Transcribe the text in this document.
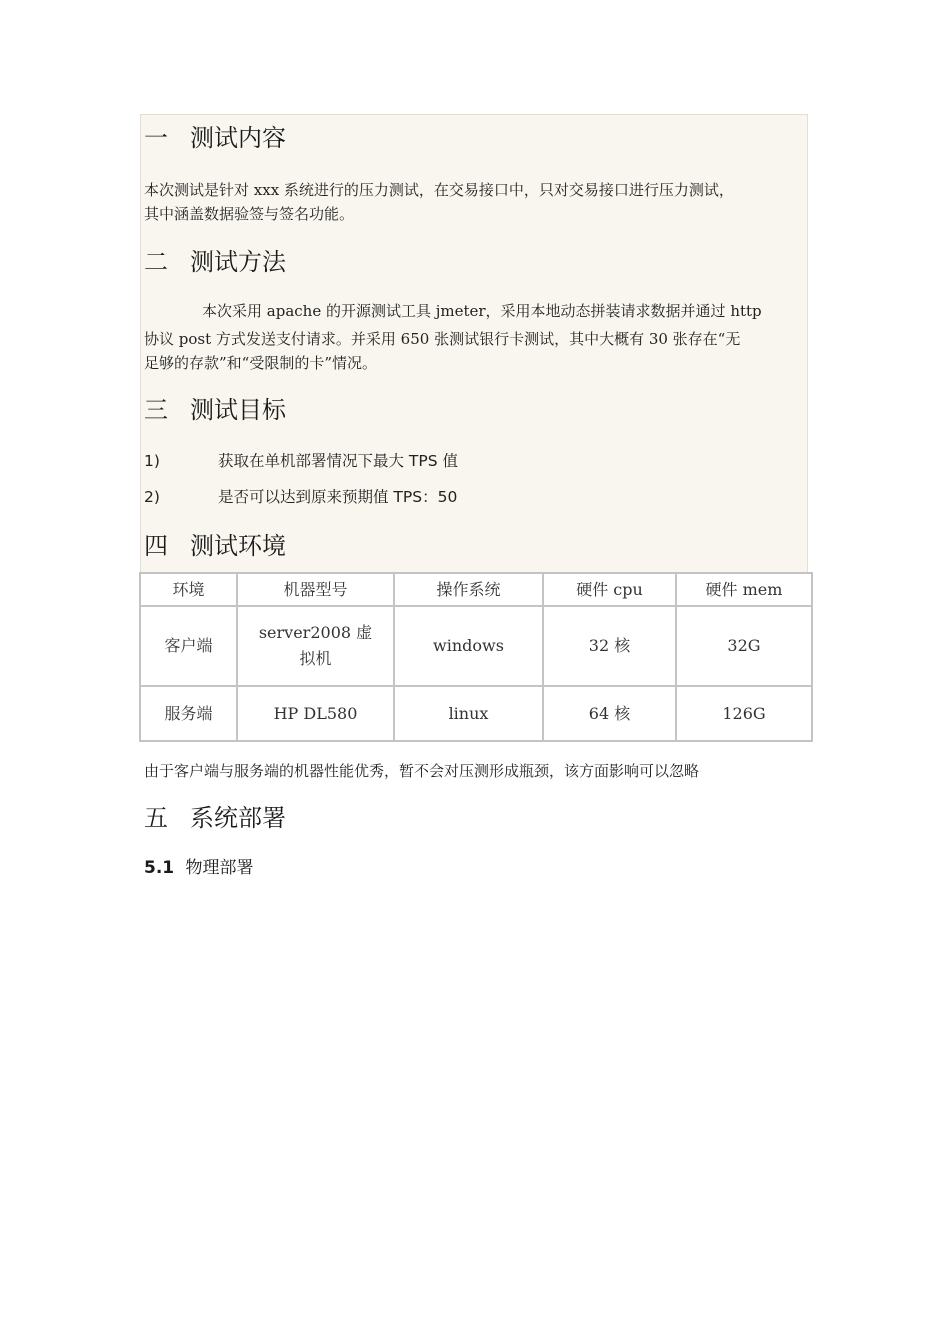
一 测试内容
本次测试是针对 xxx 系统进行的压力测试，在交易接口中，只对交易接口进行压力测试，
其中涵盖数据验签与签名功能。
二 测试方法
本次采用 apache 的开源测试工具 jmeter，采用本地动态拼装请求数据并通过 http
协议 post 方式发送支付请求。并采用 650 张测试银行卡测试，其中大概有 30 张存在“无
足够的存款”和“受限制的卡”情况。
三 测试目标
1)	获取在单机部署情况下最大 TPS 值
2)	是否可以达到原来预期值 TPS：50
四 测试环境
环境	机器型号	操作系统	硬件 cpu	硬件 mem
客户端	server2008 虚拟机	windows	32 核	32G
服务端	HP DL580	linux	64 核	126G
由于客户端与服务端的机器性能优秀，暂不会对压测形成瓶颈，该方面影响可以忽略
五 系统部署
5.1 物理部署
